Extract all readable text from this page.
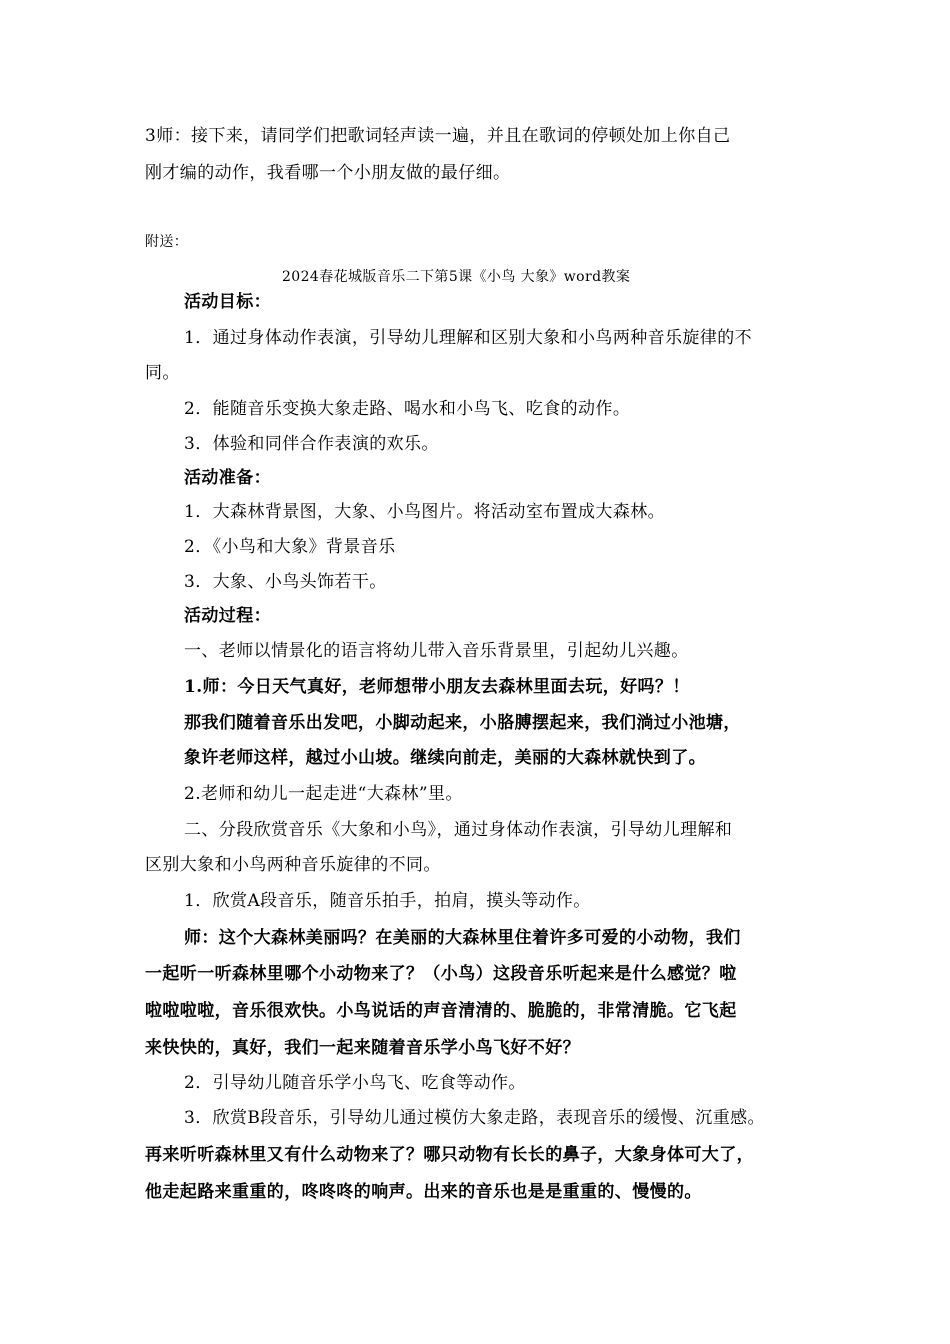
3师：接下来，请同学们把歌词轻声读一遍，并且在歌词的停顿处加上你自己
刚才编的动作，我看哪一个小朋友做的最仔细。
附送：
2024春花城版音乐二下第5课《小鸟 大象》word教案
活动目标：
1．通过身体动作表演，引导幼儿理解和区别大象和小鸟两种音乐旋律的不
同。
2．能随音乐变换大象走路、喝水和小鸟飞、吃食的动作。
3．体验和同伴合作表演的欢乐。
活动准备：
1．大森林背景图，大象、小鸟图片。将活动室布置成大森林。
2．《小鸟和大象》背景音乐
3．大象、小鸟头饰若干。
活动过程：
一、老师以情景化的语言将幼儿带入音乐背景里，引起幼儿兴趣。
1.师：今日天气真好，老师想带小朋友去森林里面去玩，好吗？！
那我们随着音乐出发吧，小脚动起来，小胳膊摆起来，我们淌过小池塘，
象许老师这样，越过小山坡。继续向前走，美丽的大森林就快到了。
2.老师和幼儿一起走进“大森林”里。
二、分段欣赏音乐《大象和小鸟》，通过身体动作表演，引导幼儿理解和
区别大象和小鸟两种音乐旋律的不同。
1．欣赏A段音乐，随音乐拍手，拍肩，摸头等动作。
师：这个大森林美丽吗？在美丽的大森林里住着许多可爱的小动物，我们
一起听一听森林里哪个小动物来了？（小鸟）这段音乐听起来是什么感觉？啦
啦啦啦啦，音乐很欢快。小鸟说话的声音清清的、脆脆的，非常清脆。它飞起
来快快的，真好，我们一起来随着音乐学小鸟飞好不好？
2．引导幼儿随音乐学小鸟飞、吃食等动作。
3．欣赏B段音乐，引导幼儿通过模仿大象走路，表现音乐的缓慢、沉重感。
再来听听森林里又有什么动物来了？哪只动物有长长的鼻子，大象身体可大了，
他走起路来重重的，咚咚咚的响声。出来的音乐也是是重重的、慢慢的。
